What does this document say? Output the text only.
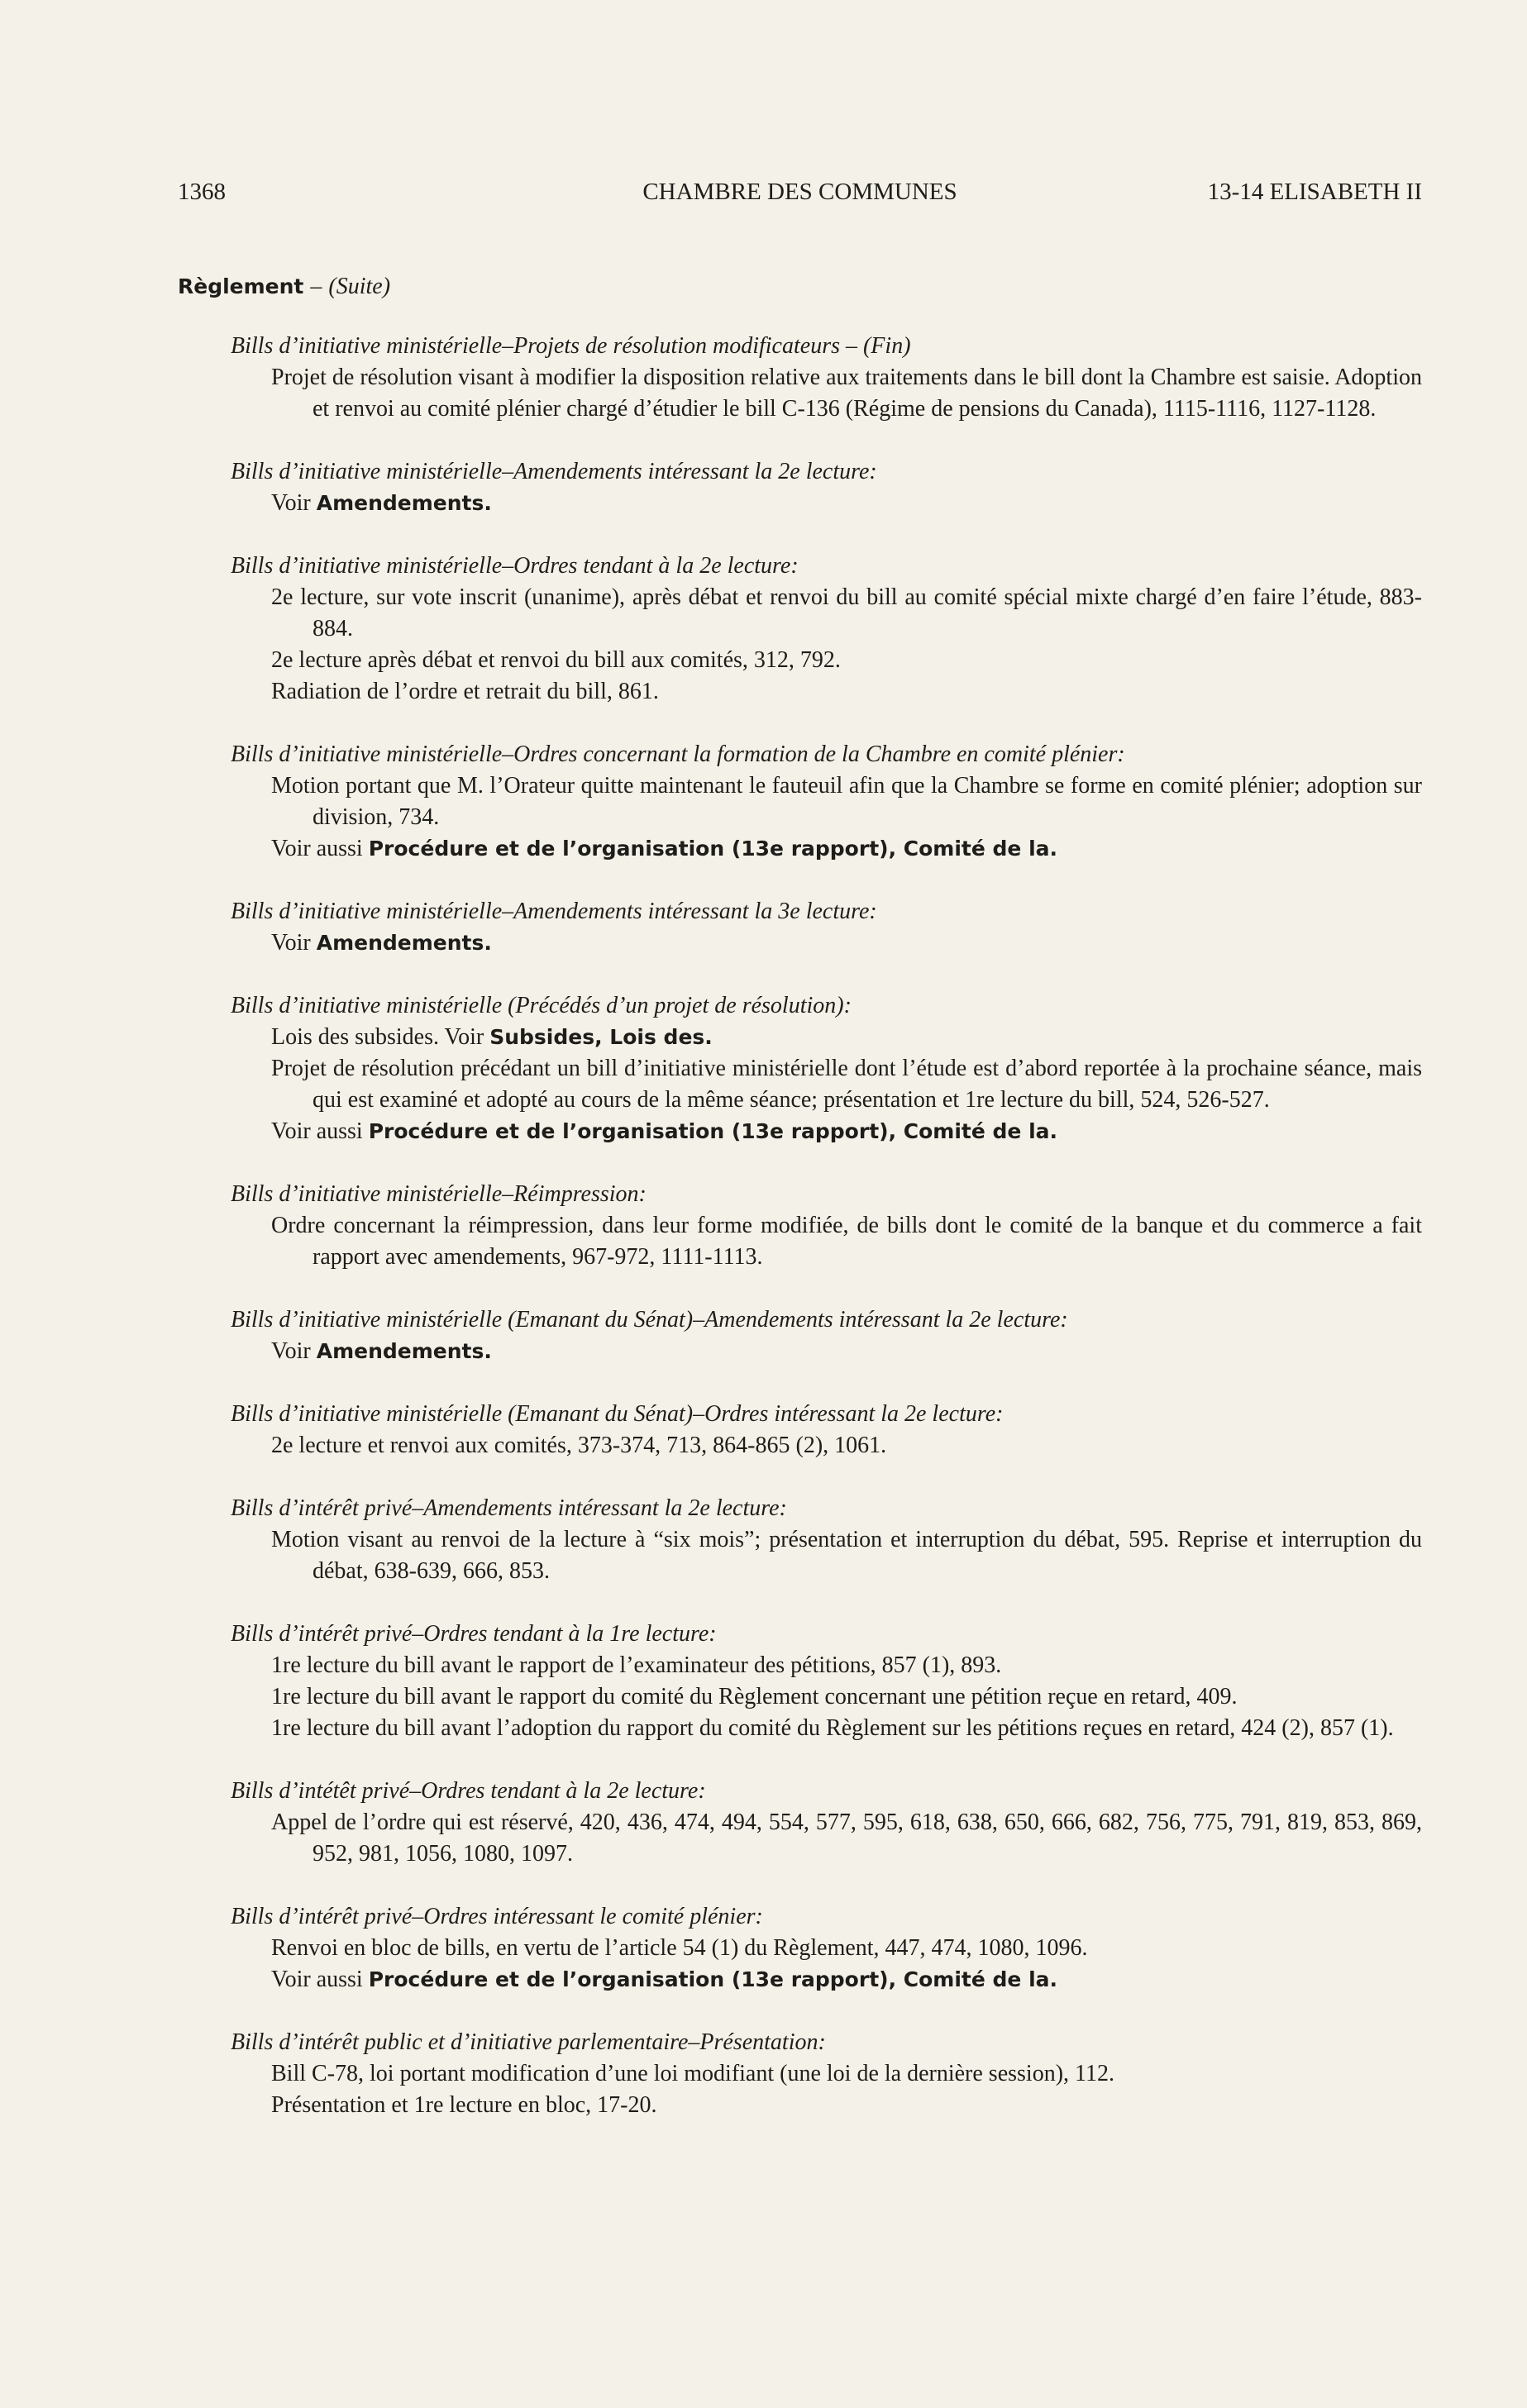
CHAMBRE DES COMMUNES
1368	13-14 ELISABETH II

Règlement – (Suite)

Bills d’initiative ministérielle–Projets de résolution modificateurs – (Fin)

Projet de résolution visant à modifier la disposition relative aux traitements dans le bill dont la Chambre est saisie. Adoption et renvoi au comité plénier chargé d’étudier le bill C-136 (Régime de pensions du Canada), 1115-1116, 1127-1128.

Bills d’initiative ministérielle–Amendements intéressant la 2e lecture:

Voir Amendements.

Bills d’initiative ministérielle–Ordres tendant à la 2e lecture:

2e lecture, sur vote inscrit (unanime), après débat et renvoi du bill au comité spécial mixte chargé d’en faire l’étude, 883-884.

2e lecture après débat et renvoi du bill aux comités, 312, 792.

Radiation de l’ordre et retrait du bill, 861.

Bills d’initiative ministérielle–Ordres concernant la formation de la Chambre en comité plénier:

Motion portant que M. l’Orateur quitte maintenant le fauteuil afin que la Chambre se forme en comité plénier; adoption sur division, 734.

Voir aussi Procédure et de l’organisation (13e rapport), Comité de la.

Bills d’initiative ministérielle–Amendements intéressant la 3e lecture:

Voir Amendements.

Bills d’initiative ministérielle (Précédés d’un projet de résolution):

Lois des subsides. Voir Subsides, Lois des.

Projet de résolution précédant un bill d’initiative ministérielle dont l’étude est d’abord reportée à la prochaine séance, mais qui est examiné et adopté au cours de la même séance; présentation et 1re lecture du bill, 524, 526-527.

Voir aussi Procédure et de l’organisation (13e rapport), Comité de la.

Bills d’initiative ministérielle–Réimpression:

Ordre concernant la réimpression, dans leur forme modifiée, de bills dont le comité de la banque et du commerce a fait rapport avec amendements, 967-972, 1111-1113.

Bills d’initiative ministérielle (Emanant du Sénat)–Amendements intéressant la 2e lecture:

Voir Amendements.

Bills d’initiative ministérielle (Emanant du Sénat)–Ordres intéressant la 2e lecture:

2e lecture et renvoi aux comités, 373-374, 713, 864-865 (2), 1061.

Bills d’intérêt privé–Amendements intéressant la 2e lecture:

Motion visant au renvoi de la lecture à “six mois”; présentation et interruption du débat, 595. Reprise et interruption du débat, 638-639, 666, 853.

Bills d’intérêt privé–Ordres tendant à la 1re lecture:

1re lecture du bill avant le rapport de l’examinateur des pétitions, 857 (1), 893.

1re lecture du bill avant le rapport du comité du Règlement concernant une pétition reçue en retard, 409.

1re lecture du bill avant l’adoption du rapport du comité du Règlement sur les pétitions reçues en retard, 424 (2), 857 (1).

Bills d’intétêt privé–Ordres tendant à la 2e lecture:

Appel de l’ordre qui est réservé, 420, 436, 474, 494, 554, 577, 595, 618, 638, 650, 666, 682, 756, 775, 791, 819, 853, 869, 952, 981, 1056, 1080, 1097.

Bills d’intérêt privé–Ordres intéressant le comité plénier:

Renvoi en bloc de bills, en vertu de l’article 54 (1) du Règlement, 447, 474, 1080, 1096.

Voir aussi Procédure et de l’organisation (13e rapport), Comité de la.

Bills d’intérêt public et d’initiative parlementaire–Présentation:

Bill C-78, loi portant modification d’une loi modifiant (une loi de la dernière session), 112.

Présentation et 1re lecture en bloc, 17-20.
